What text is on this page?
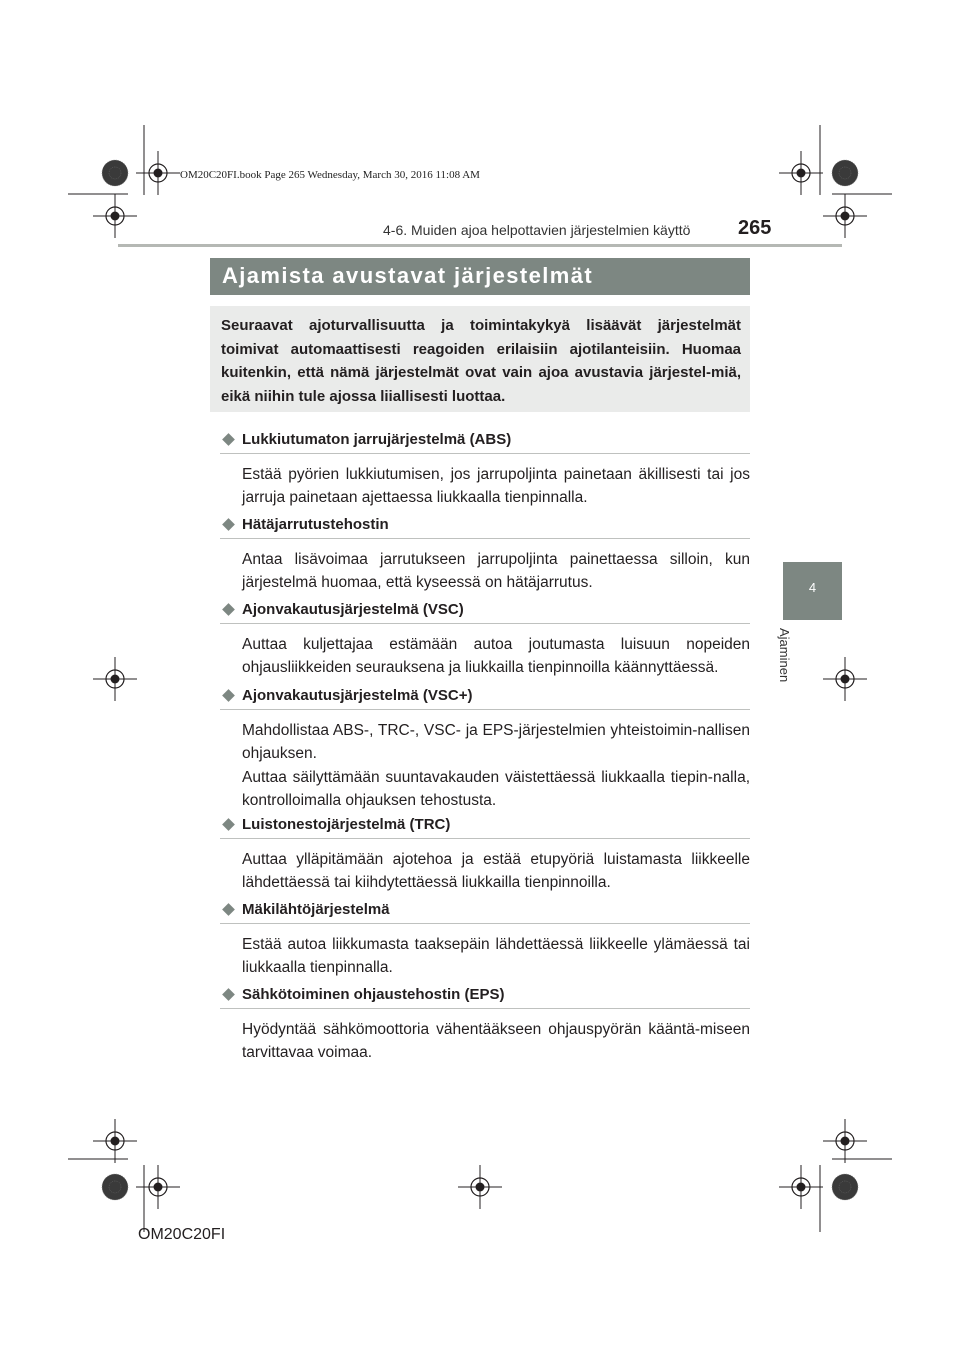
OM20C20FI.book Page 265 Wednesday, March 30, 2016 11:08 AM
4-6. Muiden ajoa helpottavien järjestelmien käyttö 265
Ajamista avustavat järjestelmät
Seuraavat ajoturvallisuutta ja toimintakykyä lisäävät järjestelmät toimivat automaattisesti reagoiden erilaisiin ajotilanteisiin. Huomaa kuitenkin, että nämä järjestelmät ovat vain ajoa avustavia järjestel-miä, eikä niihin tule ajossa liiallisesti luottaa.
4
Ajaminen
Lukkiutumaton jarrujärjestelmä (ABS)

Estää pyörien lukkiutumisen, jos jarrupoljinta painetaan äkillisesti tai jos jarruja painetaan ajettaessa liukkaalla tienpinnalla.

Hätäjarrutustehostin

Antaa lisävoimaa jarrutukseen jarrupoljinta painettaessa silloin, kun järjestelmä huomaa, että kyseessä on hätäjarrutus.

Ajonvakautusjärjestelmä (VSC)

Auttaa kuljettajaa estämään autoa joutumasta luisuun nopeiden ohjausliikkeiden seurauksena ja liukkailla tienpinnoilla käännyttäessä.

Ajonvakautusjärjestelmä (VSC+)

Mahdollistaa ABS-, TRC-, VSC- ja EPS-järjestelmien yhteistoimin-nallisen ohjauksen.

Auttaa säilyttämään suuntavakauden väistettäessä liukkaalla tiepin-nalla, kontrolloimalla ohjauksen tehostusta.

Luistonestojärjestelmä (TRC)

Auttaa ylläpitämään ajotehoa ja estää etupyöriä luistamasta liikkeelle lähdettäessä tai kiihdytettäessä liukkailla tienpinnoilla.

Mäkilähtöjärjestelmä

Estää autoa liikkumasta taaksepäin lähdettäessä liikkeelle ylämäessä tai liukkaalla tienpinnalla.

Sähkötoiminen ohjaustehostin (EPS)

Hyödyntää sähkömoottoria vähentääkseen ohjauspyörän kääntä-miseen tarvittavaa voimaa.

OM20C20FI
